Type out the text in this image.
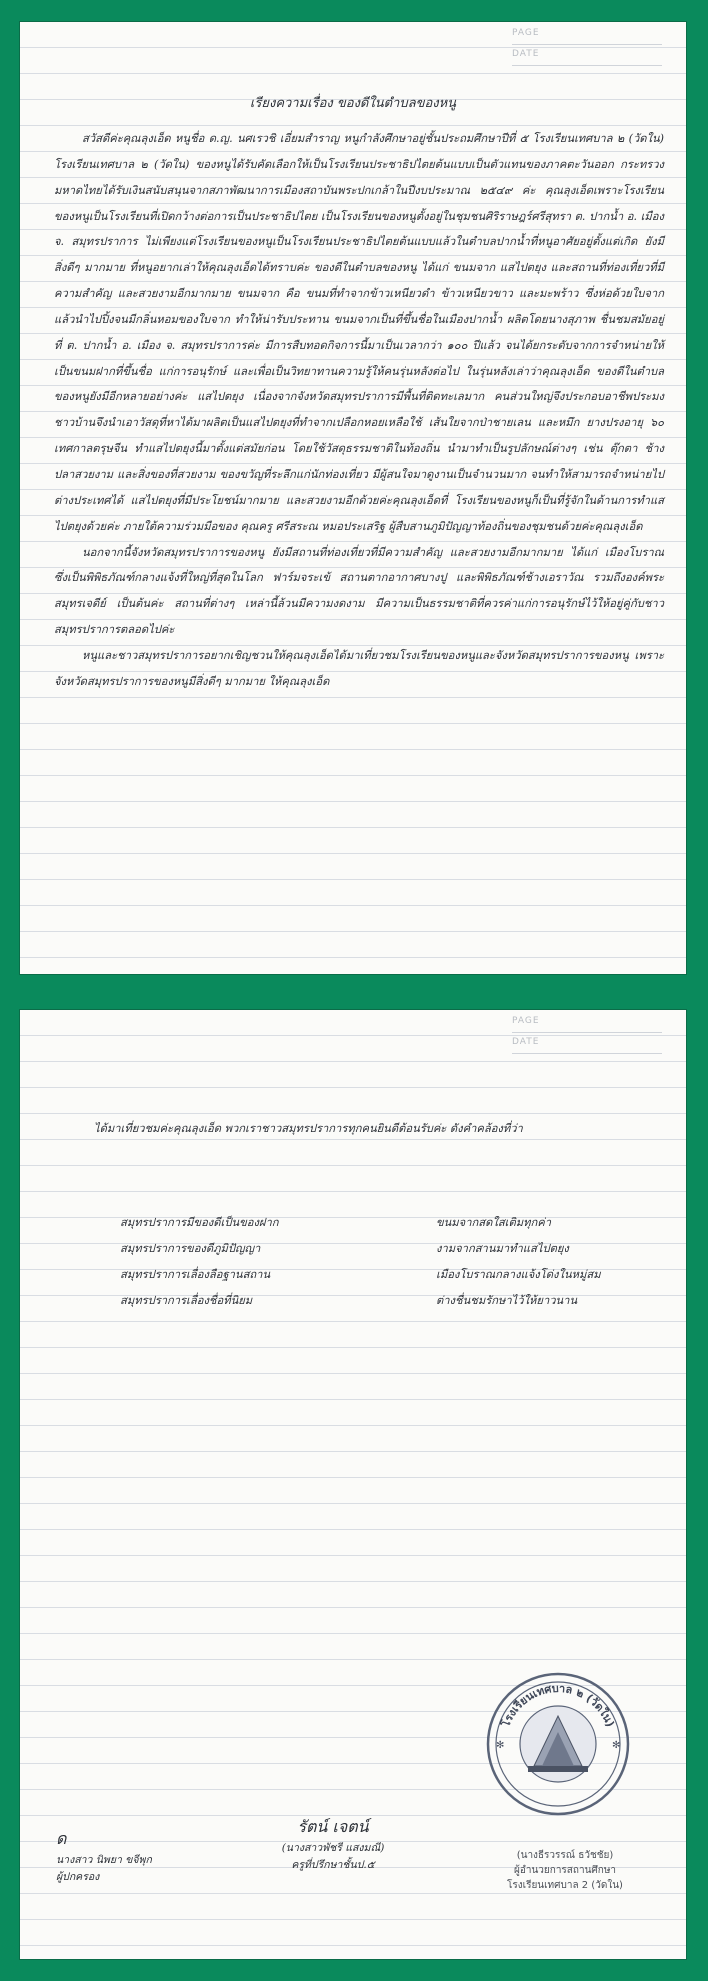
PAGE
DATE
เรียงความเรื่อง ของดีในตำบลของหนู

สวัสดีค่ะคุณลุงเอ็ด หนูชื่อ ด.ญ. นศเรวชิ เอี่ยมสำราญ หนูกำลังศึกษาอยู่ชั้นประถมศึกษาปีที่ ๕ โรงเรียนเทศบาล ๒ (วัดใน) โรงเรียนเทศบาล ๒ (วัดใน) ของหนูได้รับคัดเลือกให้เป็นโรงเรียนประชาธิปไตยต้นแบบเป็นตัวแทนของภาคตะวันออก กระทรวงมหาดไทยได้รับเงินสนับสนุนจากสภาพัฒนาการเมืองสถาบันพระปกเกล้าในปีงบประมาณ ๒๕๔๙ ค่ะ คุณลุงเอ็ดเพราะโรงเรียนของหนูเป็นโรงเรียนที่เปิดกว้างต่อการเป็นประชาธิปไตย เป็นโรงเรียนของหนูตั้งอยู่ในชุมชนศิริราษฎร์ศรีสุทรา ต. ปากน้ำ อ. เมือง จ. สมุทรปราการ ไม่เพียงแต่โรงเรียนของหนูเป็นโรงเรียนประชาธิปไตยต้นแบบแล้วในตำบลปากน้ำที่หนูอาศัยอยู่ตั้งแต่เกิด ยังมีสิ่งดีๆ มากมาย ที่หนูอยากเล่าให้คุณลุงเอ็ดได้ทราบค่ะ ของดีในตำบลของหนู ได้แก่ ขนมจาก แสไปตยุง และสถานที่ท่องเที่ยวที่มีความสำคัญ และสวยงามอีกมากมาย ขนมจาก คือ ขนมที่ทำจากข้าวเหนียวดำ ข้าวเหนียวขาว และมะพร้าว ซึ่งห่อด้วยใบจากแล้วนำไปปิ้งจนมีกลิ่นหอมของใบจาก ทำให้น่ารับประทาน ขนมจากเป็นที่ขึ้นชื่อในเมืองปากน้ำ ผลิตโดยนางสุภาพ ชื่นชมสมัยอยู่ที่ ต. ปากน้ำ อ. เมือง จ. สมุทรปราการค่ะ มีการสืบทอดกิจการนี้มาเป็นเวลากว่า ๑๐๐ ปีแล้ว จนได้ยกระดับจากการจำหน่ายให้เป็นขนมฝากที่ขึ้นชื่อ แก่การอนุรักษ์ และเพื่อเป็นวิทยาทานความรู้ให้คนรุ่นหลังต่อไป ในรุ่นหลังเล่าว่าคุณลุงเอ็ด ของดีในตำบลของหนูยังมีอีกหลายอย่างค่ะ แสไปตยุง เนื่องจากจังหวัดสมุทรปราการมีพื้นที่ติดทะเลมาก คนส่วนใหญ่จึงประกอบอาชีพประมงชาวบ้านจึงนำเอาวัสดุที่หาได้มาผลิตเป็นแสไปตยุงที่ทำจากเปลือกหอยเหลือใช้ เส้นใยจากป่าชายเลน และหมึก ยางปรงอายุ ๖๐ เทศกาลตรุษจีน ทำแสไปตยุงนี้มาตั้งแต่สมัยก่อน โดยใช้วัสดุธรรมชาติในท้องถิ่น นำมาทำเป็นรูปลักษณ์ต่างๆ เช่น ตุ๊กตา ช้าง ปลาสวยงาม และสิ่งของที่สวยงาม ของขวัญที่ระลึกแก่นักท่องเที่ยว มีผู้สนใจมาดูงานเป็นจำนวนมาก จนทำให้สามารถจำหน่ายไปต่างประเทศได้ แสไปตยุงที่มีประโยชน์มากมาย และสวยงามอีกด้วยค่ะคุณลุงเอ็ดที่ โรงเรียนของหนูก็เป็นที่รู้จักในด้านการทำแสไปตยุงด้วยค่ะ ภายใต้ความร่วมมือของ คุณครู ศรีสระณ หมอประเสริฐ ผู้สืบสานภูมิปัญญาท้องถิ่นของชุมชนด้วยค่ะคุณลุงเอ็ด

นอกจากนี้จังหวัดสมุทรปราการของหนู ยังมีสถานที่ท่องเที่ยวที่มีความสำคัญ และสวยงามอีกมากมาย ได้แก่ เมืองโบราณ ซึ่งเป็นพิพิธภัณฑ์กลางแจ้งที่ใหญ่ที่สุดในโลก ฟาร์มจระเข้ สถานตากอากาศบางปู และพิพิธภัณฑ์ช้างเอราวัณ รวมถึงองค์พระสมุทรเจดีย์ เป็นต้นค่ะ สถานที่ต่างๆ เหล่านี้ล้วนมีความงดงาม มีความเป็นธรรมชาติที่ควรค่าแก่การอนุรักษ์ไว้ให้อยู่คู่กับชาวสมุทรปราการตลอดไปค่ะ

หนูและชาวสมุทรปราการอยากเชิญชวนให้คุณลุงเอ็ดได้มาเที่ยวชมโรงเรียนของหนูและจังหวัดสมุทรปราการของหนู เพราะจังหวัดสมุทรปราการของหนูมีสิ่งดีๆ มากมาย ให้คุณลุงเอ็ด

PAGE
DATE

ได้มาเที่ยวชมค่ะคุณลุงเอ็ด พวกเราชาวสมุทรปราการทุกคนยินดีต้อนรับค่ะ ดังคำคล้องที่ว่า

สมุทรปราการมีของดีเป็นของฝาก
สมุทรปราการของดีภูมิปัญญา
สมุทรปราการเลื่องลือฐานสถาน
สมุทรปราการเลื่องชื่อที่นิยม
ขนมจากสดใสเติมทุกค่า
งามจากสานมาทำแสไปตยุง
เมืองโบราณกลางแจ้งโด่งในหมู่สม
ต่างชื่นชมรักษาไว้ให้ยาวนาน
โรงเรียนเทศบาล ๒ (วัดใน)
✻	✻
ด
นางสาว นิพยา ขจีพุก
ผู้ปกครอง
รัตน์ เจตน์
(นางสาวพัชรี แสงมณี)
ครูที่ปรึกษาชั้นป.๕
(นางธีรวรรณ์ ธวัชชัย)
ผู้อำนวยการสถานศึกษา
โรงเรียนเทศบาล 2 (วัดใน)
